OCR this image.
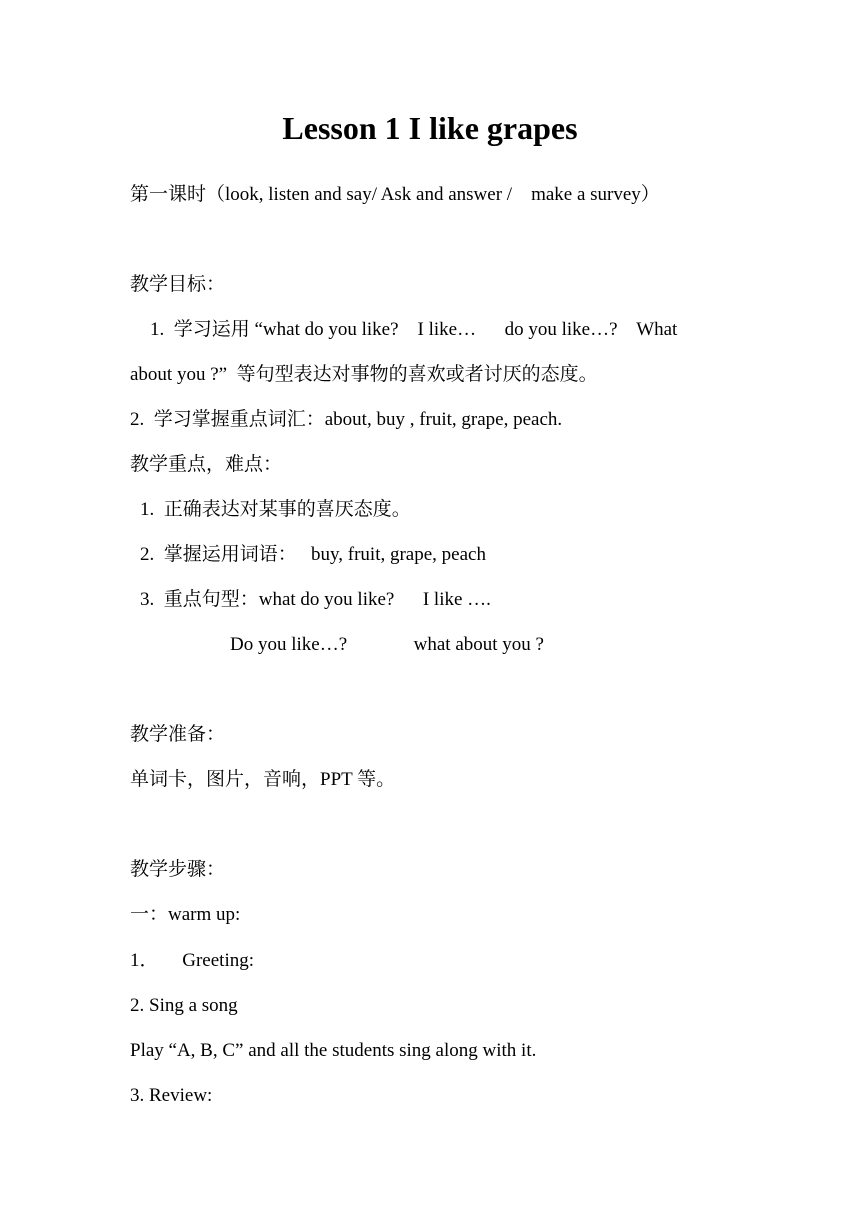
Lesson 1 I like grapes
第一课时（look, listen and say/ Ask and answer /    make a survey）
教学目标：
1.  学习运用 “what do you like?    I like…      do you like…?    What
about you ?”  等句型表达对事物的喜欢或者讨厌的态度。
2.  学习掌握重点词汇：about, buy , fruit, grape, peach.
教学重点，难点：
1.  正确表达对某事的喜厌态度。
2.  掌握运用词语：   buy, fruit, grape, peach
3.  重点句型：what do you like?      I like ….
Do you like…?              what about you ?
教学准备：
单词卡，图片，音响，PPT 等。
教学步骤：
一：warm up:
1．     Greeting:
2. Sing a song
Play “A, B, C” and all the students sing along with it.
3. Review:
